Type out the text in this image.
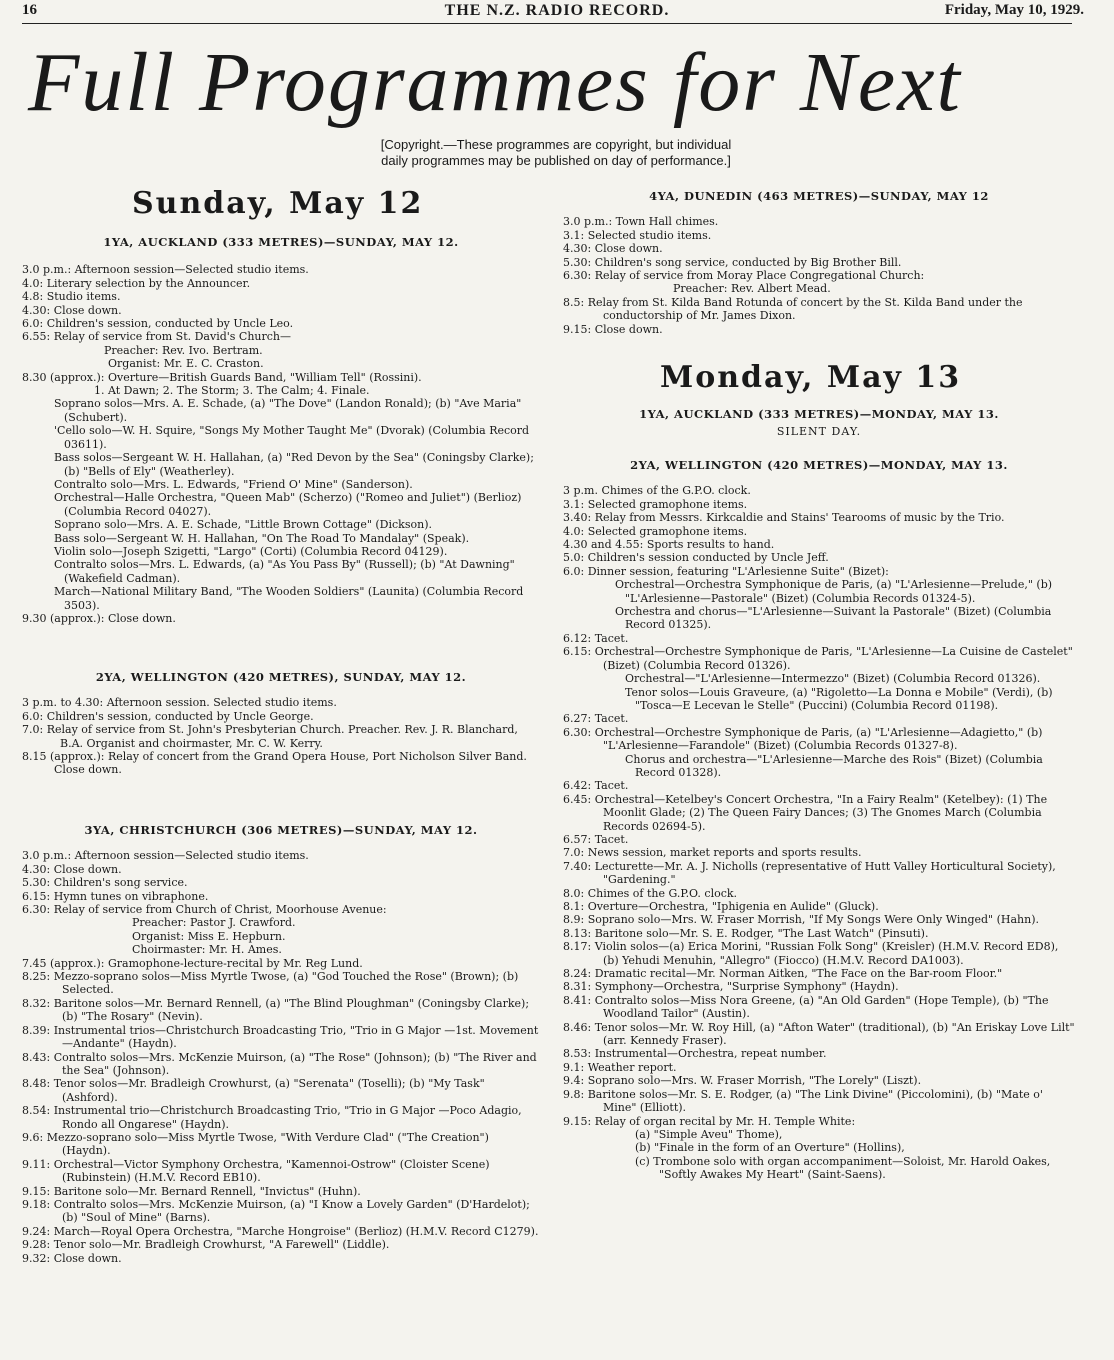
16	THE N.Z. RADIO RECORD.	Friday, May 10, 1929.
Full Programmes for Next
[Copyright.—These programmes are copyright, but individual
daily programmes may be published on day of performance.]
Sunday, May 12

1YA, AUCKLAND (333 METRES)—SUNDAY, MAY 12.

3.0 p.m.: Afternoon session—Selected studio items.

4.0: Literary selection by the Announcer.

4.8: Studio items.

4.30: Close down.

6.0: Children's session, conducted by Uncle Leo.

6.55: Relay of service from St. David's Church—

Preacher: Rev. Ivo. Bertram.

Organist: Mr. E. C. Craston.

8.30 (approx.): Overture—British Guards Band, "William Tell" (Rossini).

1. At Dawn; 2. The Storm; 3. The Calm; 4. Finale.

Soprano solos—Mrs. A. E. Schade, (a) "The Dove" (Landon Ronald); (b) "Ave Maria" (Schubert).

'Cello solo—W. H. Squire, "Songs My Mother Taught Me" (Dvorak) (Columbia Record 03611).

Bass solos—Sergeant W. H. Hallahan, (a) "Red Devon by the Sea" (Coningsby Clarke); (b) "Bells of Ely" (Weatherley).

Contralto solo—Mrs. L. Edwards, "Friend O' Mine" (Sanderson).

Orchestral—Halle Orchestra, "Queen Mab" (Scherzo) ("Romeo and Juliet") (Berlioz) (Columbia Record 04027).

Soprano solo—Mrs. A. E. Schade, "Little Brown Cottage" (Dickson).

Bass solo—Sergeant W. H. Hallahan, "On The Road To Mandalay" (Speak).

Violin solo—Joseph Szigetti, "Largo" (Corti) (Columbia Record 04129).

Contralto solos—Mrs. L. Edwards, (a) "As You Pass By" (Russell); (b) "At Dawning" (Wakefield Cadman).

March—National Military Band, "The Wooden Soldiers" (Launita) (Columbia Record 3503).

9.30 (approx.): Close down.

2YA, WELLINGTON (420 METRES), SUNDAY, MAY 12.

3 p.m. to 4.30: Afternoon session. Selected studio items.

6.0: Children's session, conducted by Uncle George.

7.0: Relay of service from St. John's Presbyterian Church. Preacher. Rev. J. R. Blanchard, B.A. Organist and choirmaster, Mr. C. W. Kerry.

8.15 (approx.): Relay of concert from the Grand Opera House, Port Nicholson Silver Band.

Close down.

3YA, CHRISTCHURCH (306 METRES)—SUNDAY, MAY 12.

3.0 p.m.: Afternoon session—Selected studio items.

4.30: Close down.

5.30: Children's song service.

6.15: Hymn tunes on vibraphone.

6.30: Relay of service from Church of Christ, Moorhouse Avenue:

Preacher: Pastor J. Crawford.

Organist: Miss E. Hepburn.

Choirmaster: Mr. H. Ames.

7.45 (approx.): Gramophone-lecture-recital by Mr. Reg Lund.

8.25: Mezzo-soprano solos—Miss Myrtle Twose, (a) "God Touched the Rose" (Brown); (b) Selected.

8.32: Baritone solos—Mr. Bernard Rennell, (a) "The Blind Ploughman" (Coningsby Clarke); (b) "The Rosary" (Nevin).

8.39: Instrumental trios—Christchurch Broadcasting Trio, "Trio in G Major —1st. Movement—Andante" (Haydn).

8.43: Contralto solos—Mrs. McKenzie Muirson, (a) "The Rose" (Johnson); (b) "The River and the Sea" (Johnson).

8.48: Tenor solos—Mr. Bradleigh Crowhurst, (a) "Serenata" (Toselli); (b) "My Task" (Ashford).

8.54: Instrumental trio—Christchurch Broadcasting Trio, "Trio in G Major —Poco Adagio, Rondo all Ongarese" (Haydn).

9.6: Mezzo-soprano solo—Miss Myrtle Twose, "With Verdure Clad" ("The Creation") (Haydn).

9.11: Orchestral—Victor Symphony Orchestra, "Kamennoi-Ostrow" (Cloister Scene) (Rubinstein) (H.M.V. Record EB10).

9.15: Baritone solo—Mr. Bernard Rennell, "Invictus" (Huhn).

9.18: Contralto solos—Mrs. McKenzie Muirson, (a) "I Know a Lovely Garden" (D'Hardelot); (b) "Soul of Mine" (Barns).

9.24: March—Royal Opera Orchestra, "Marche Hongroise" (Berlioz) (H.M.V. Record C1279).

9.28: Tenor solo—Mr. Bradleigh Crowhurst, "A Farewell" (Liddle).

9.32: Close down.

4YA, DUNEDIN (463 METRES)—SUNDAY, MAY 12

3.0 p.m.: Town Hall chimes.

3.1: Selected studio items.

4.30: Close down.

5.30: Children's song service, conducted by Big Brother Bill.

6.30: Relay of service from Moray Place Congregational Church:

Preacher: Rev. Albert Mead.

8.5: Relay from St. Kilda Band Rotunda of concert by the St. Kilda Band under the conductorship of Mr. James Dixon.

9.15: Close down.

Monday, May 13

1YA, AUCKLAND (333 METRES)—MONDAY, MAY 13.

SILENT DAY.

2YA, WELLINGTON (420 METRES)—MONDAY, MAY 13.

3 p.m. Chimes of the G.P.O. clock.

3.1: Selected gramophone items.

3.40: Relay from Messrs. Kirkcaldie and Stains' Tearooms of music by the Trio.

4.0: Selected gramophone items.

4.30 and 4.55: Sports results to hand.

5.0: Children's session conducted by Uncle Jeff.

6.0: Dinner session, featuring "L'Arlesienne Suite" (Bizet):

Orchestral—Orchestra Symphonique de Paris, (a) "L'Arlesienne—Prelude," (b) "L'Arlesienne—Pastorale" (Bizet) (Columbia Records 01324-5).

Orchestra and chorus—"L'Arlesienne—Suivant la Pastorale" (Bizet) (Columbia Record 01325).

6.12: Tacet.

6.15: Orchestral—Orchestre Symphonique de Paris, "L'Arlesienne—La Cuisine de Castelet" (Bizet) (Columbia Record 01326).

Orchestral—"L'Arlesienne—Intermezzo" (Bizet) (Columbia Record 01326).

Tenor solos—Louis Graveure, (a) "Rigoletto—La Donna e Mobile" (Verdi), (b) "Tosca—E Lecevan le Stelle" (Puccini) (Columbia Record 01198).

6.27: Tacet.

6.30: Orchestral—Orchestre Symphonique de Paris, (a) "L'Arlesienne—Adagietto," (b) "L'Arlesienne—Farandole" (Bizet) (Columbia Records 01327-8).

Chorus and orchestra—"L'Arlesienne—Marche des Rois" (Bizet) (Columbia Record 01328).

6.42: Tacet.

6.45: Orchestral—Ketelbey's Concert Orchestra, "In a Fairy Realm" (Ketelbey): (1) The Moonlit Glade; (2) The Queen Fairy Dances; (3) The Gnomes March (Columbia Records 02694-5).

6.57: Tacet.

7.0: News session, market reports and sports results.

7.40: Lecturette—Mr. A. J. Nicholls (representative of Hutt Valley Horticultural Society), "Gardening."

8.0: Chimes of the G.P.O. clock.

8.1: Overture—Orchestra, "Iphigenia en Aulide" (Gluck).

8.9: Soprano solo—Mrs. W. Fraser Morrish, "If My Songs Were Only Winged" (Hahn).

8.13: Baritone solo—Mr. S. E. Rodger, "The Last Watch" (Pinsuti).

8.17: Violin solos—(a) Erica Morini, "Russian Folk Song" (Kreisler) (H.M.V. Record ED8), (b) Yehudi Menuhin, "Allegro" (Fiocco) (H.M.V. Record DA1003).

8.24: Dramatic recital—Mr. Norman Aitken, "The Face on the Bar-room Floor."

8.31: Symphony—Orchestra, "Surprise Symphony" (Haydn).

8.41: Contralto solos—Miss Nora Greene, (a) "An Old Garden" (Hope Temple), (b) "The Woodland Tailor" (Austin).

8.46: Tenor solos—Mr. W. Roy Hill, (a) "Afton Water" (traditional), (b) "An Eriskay Love Lilt" (arr. Kennedy Fraser).

8.53: Instrumental—Orchestra, repeat number.

9.1: Weather report.

9.4: Soprano solo—Mrs. W. Fraser Morrish, "The Lorely" (Liszt).

9.8: Baritone solos—Mr. S. E. Rodger, (a) "The Link Divine" (Piccolomini), (b) "Mate o' Mine" (Elliott).

9.15: Relay of organ recital by Mr. H. Temple White:

(a) "Simple Aveu" Thome),

(b) "Finale in the form of an Overture" (Hollins),

(c) Trombone solo with organ accompaniment—Soloist, Mr. Harold Oakes, "Softly Awakes My Heart" (Saint-Saens).
